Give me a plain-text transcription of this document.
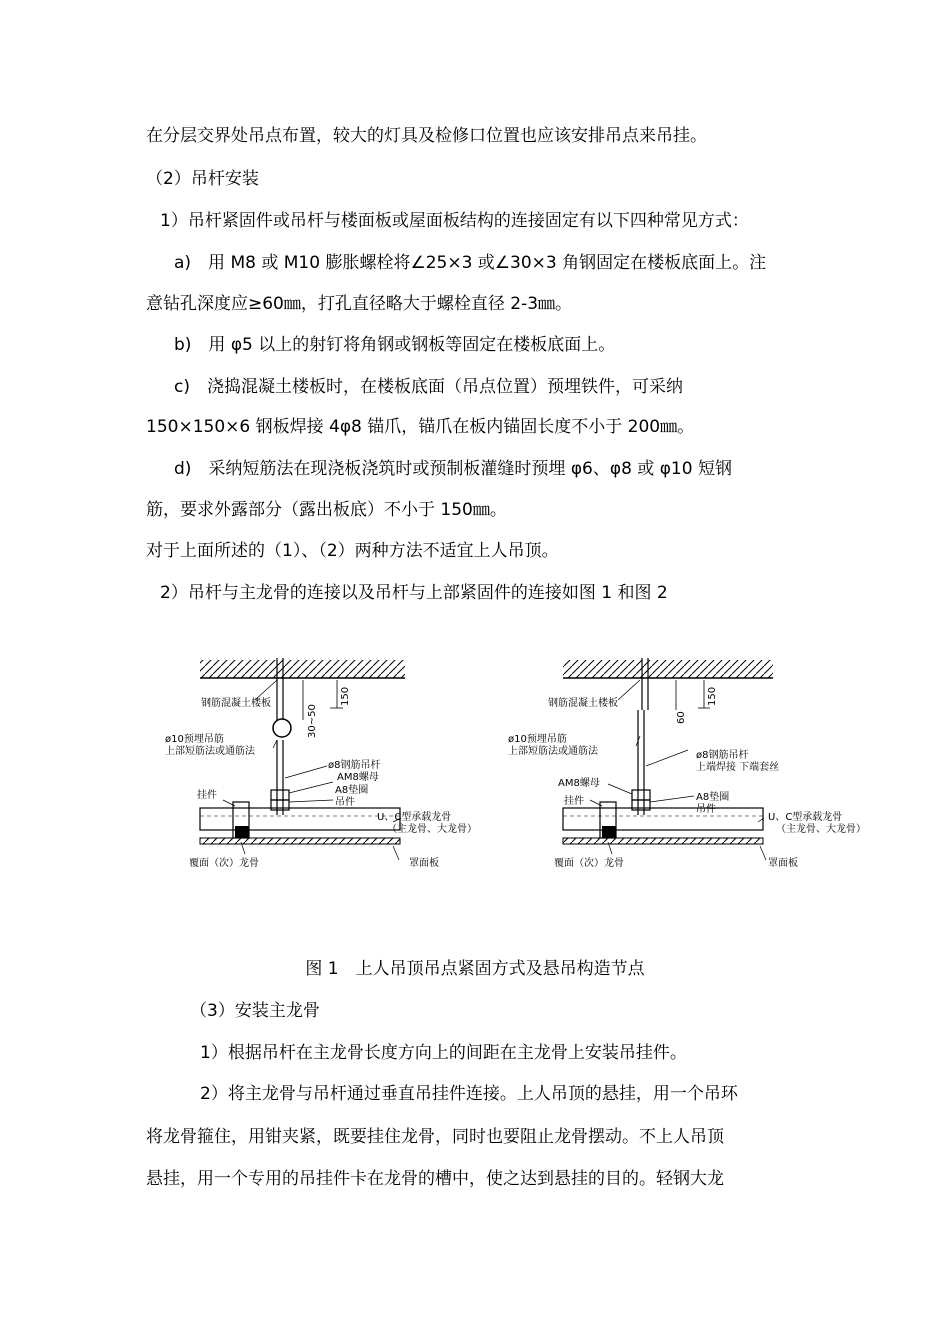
在分层交界处吊点布置，较大的灯具及检修口位置也应该安排吊点来吊挂。
（2）吊杆安装
1）吊杆紧固件或吊杆与楼面板或屋面板结构的连接固定有以下四种常见方式：
a)　用 M8 或 M10 膨胀螺栓将∠25×3 或∠30×3 角钢固定在楼板底面上。注
意钻孔深度应≥60㎜，打孔直径略大于螺栓直径 2-3㎜。
b)　用 φ5 以上的射钉将角钢或钢板等固定在楼板底面上。
c)　浇捣混凝土楼板时，在楼板底面（吊点位置）预埋铁件，可采纳
150×150×6 钢板焊接 4φ8 锚爪，锚爪在板内锚固长度不小于 200㎜。
d)　采纳短筋法在现浇板浇筑时或预制板灌缝时预埋 φ6、φ8 或 φ10 短钢
筋，要求外露部分（露出板底）不小于 150㎜。
对于上面所述的（1）、（2）两种方法不适宜上人吊顶。
2）吊杆与主龙骨的连接以及吊杆与上部紧固件的连接如图 1 和图 2
30~50
150
钢筋混凝土楼板
ø10预埋吊筋
上部短筋法或通筋法
ø8钢筋吊杆
AM8螺母
挂件	A8垫圈
吊件
U、C型承载龙骨
（主龙骨、大龙骨）
覆面（次）龙骨	罩面板
60
150
钢筋混凝土楼板
ø10预埋吊筋
上部短筋法或通筋法	ø8钢筋吊杆
上端焊接 下端套丝
AM8螺母
挂件	A8垫圈
吊件
U、C型承载龙骨
（主龙骨、大龙骨）
覆面（次）龙骨	罩面板
图 1　上人吊顶吊点紧固方式及悬吊构造节点
（3）安装主龙骨
1）根据吊杆在主龙骨长度方向上的间距在主龙骨上安装吊挂件。
2）将主龙骨与吊杆通过垂直吊挂件连接。上人吊顶的悬挂，用一个吊环
将龙骨箍住，用钳夹紧，既要挂住龙骨，同时也要阻止龙骨摆动。不上人吊顶
悬挂，用一个专用的吊挂件卡在龙骨的槽中，使之达到悬挂的目的。轻钢大龙
